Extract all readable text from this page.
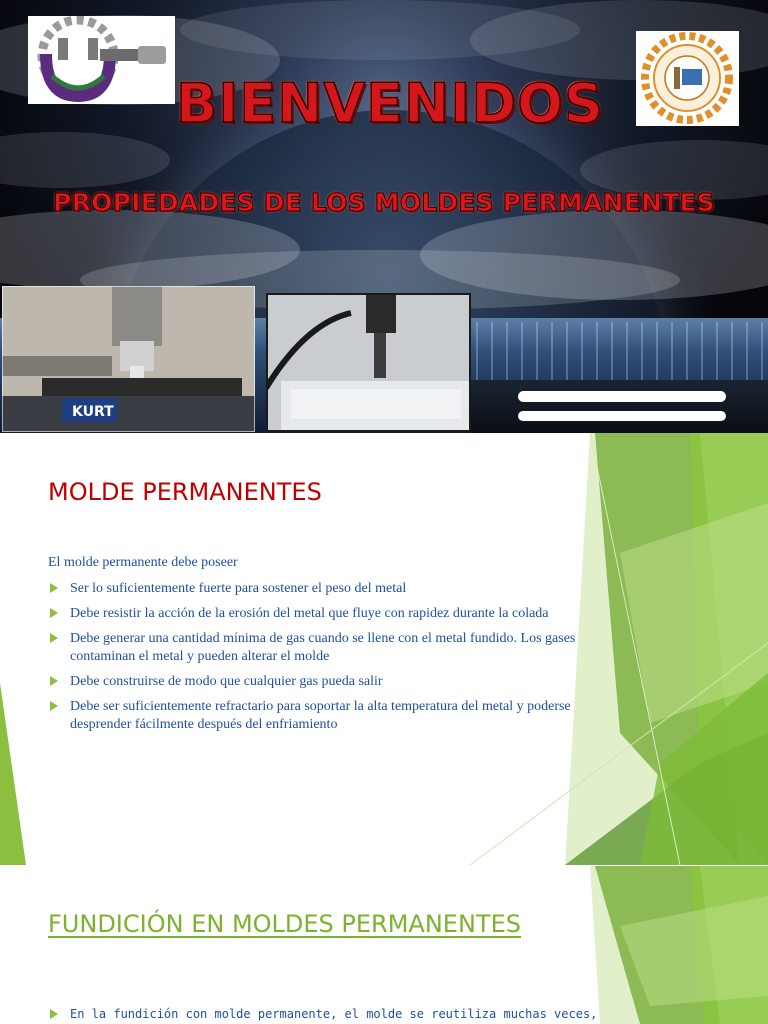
BIENVENIDOS
PROPIEDADES DE LOS MOLDES PERMANENTES
KURT
MOLDE PERMANENTES
El molde permanente debe poseer
Ser lo suficientemente fuerte para sostener el peso del metal
Debe resistir la acción de la erosión del metal que fluye con rapidez durante la colada
Debe generar una cantidad mínima de gas cuando se llene con el metal fundido. Los gases contaminan el metal y pueden alterar el molde
Debe construirse de modo que cualquier gas pueda salir
Debe ser suficientemente refractario para soportar la alta temperatura del metal y poderse desprender fácilmente después del enfriamiento
FUNDICIÓN EN MOLDES PERMANENTES
En la fundición con molde permanente, el molde se reutiliza muchas veces,
